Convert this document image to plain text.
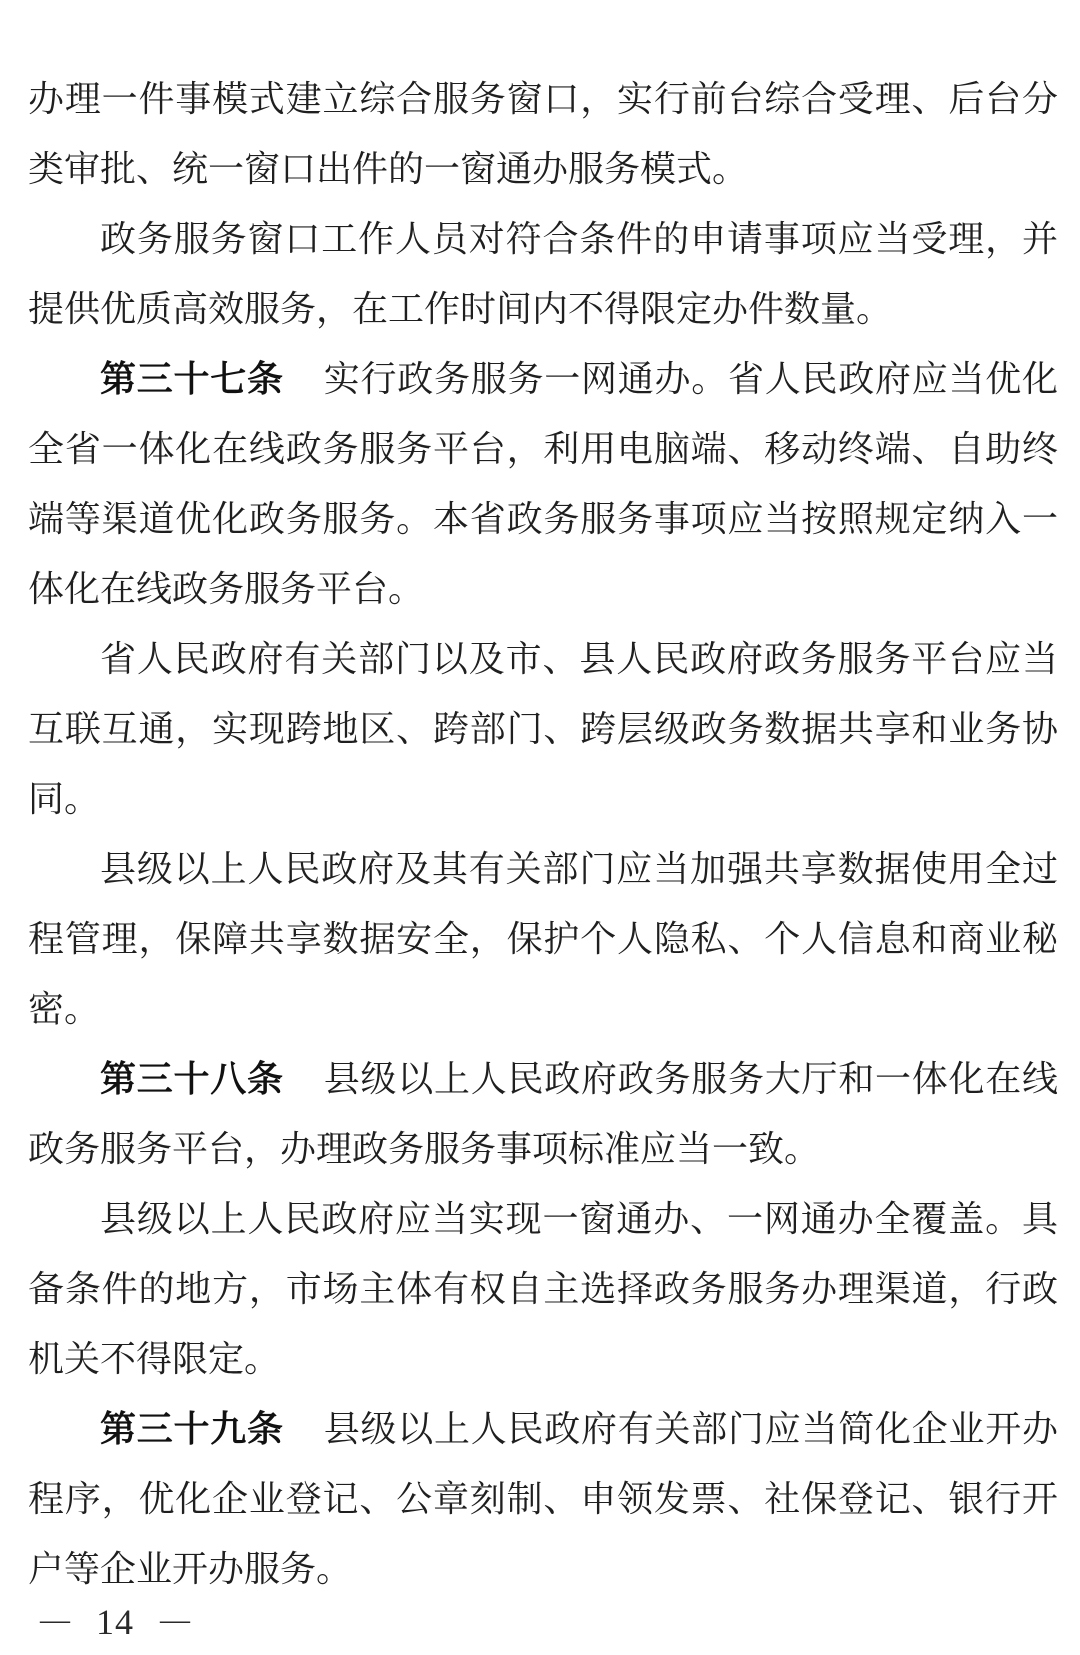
办理一件事模式建立综合服务窗口，实行前台综合受理、后台分类审批、统一窗口出件的一窗通办服务模式。

政务服务窗口工作人员对符合条件的申请事项应当受理，并提供优质高效服务，在工作时间内不得限定办件数量。

第三十七条 实行政务服务一网通办。省人民政府应当优化全省一体化在线政务服务平台，利用电脑端、移动终端、自助终端等渠道优化政务服务。本省政务服务事项应当按照规定纳入一体化在线政务服务平台。

省人民政府有关部门以及市、县人民政府政务服务平台应当互联互通，实现跨地区、跨部门、跨层级政务数据共享和业务协同。

县级以上人民政府及其有关部门应当加强共享数据使用全过程管理，保障共享数据安全，保护个人隐私、个人信息和商业秘密。

第三十八条 县级以上人民政府政务服务大厅和一体化在线政务服务平台，办理政务服务事项标准应当一致。

县级以上人民政府应当实现一窗通办、一网通办全覆盖。具备条件的地方，市场主体有权自主选择政务服务办理渠道，行政机关不得限定。

第三十九条 县级以上人民政府有关部门应当简化企业开办程序，优化企业登记、公章刻制、申领发票、社保登记、银行开户等企业开办服务。

— 14 —
